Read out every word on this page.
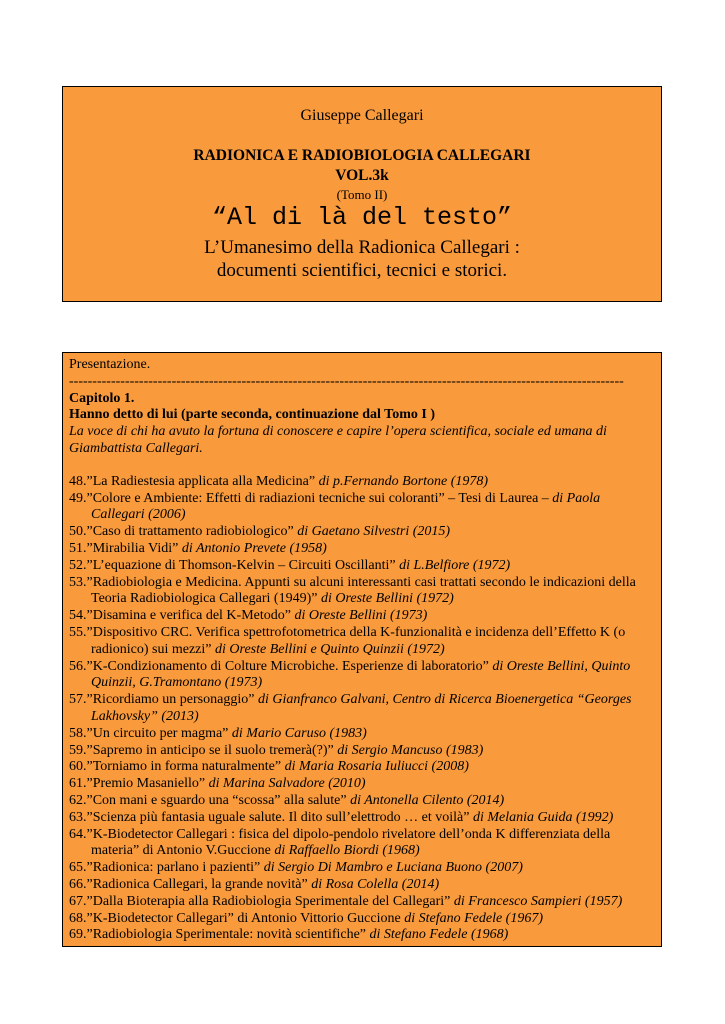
Giuseppe Callegari
RADIONICA E RADIOBIOLOGIA CALLEGARI
VOL.3k
(Tomo II)
“Al di là del testo”
L’Umanesimo della Radionica Callegari :
documenti scientifici, tecnici e storici.
Presentazione.
-----------------------------------------------------------------------------------------------------------------------
Capitolo 1.
Hanno detto di lui (parte seconda, continuazione dal Tomo I )
La voce di chi ha avuto la fortuna di conoscere e capire l’opera scientifica, sociale ed umana di Giambattista Callegari.
48.”La Radiestesia applicata alla Medicina” di p.Fernando Bortone (1978)
49.”Colore e Ambiente: Effetti di radiazioni tecniche sui coloranti” – Tesi di Laurea – di Paola Callegari (2006)
50.”Caso di trattamento radiobiologico” di Gaetano Silvestri (2015)
51.”Mirabilia Vidi” di Antonio Prevete (1958)
52.”L’equazione di Thomson-Kelvin – Circuiti Oscillanti” di L.Belfiore (1972)
53.”Radiobiologia e Medicina. Appunti su alcuni interessanti casi trattati secondo le indicazioni della Teoria Radiobiologica Callegari (1949)” di Oreste Bellini (1972)
54.”Disamina e verifica del K-Metodo” di Oreste Bellini (1973)
55.”Dispositivo CRC. Verifica spettrofotometrica della K-funzionalità e incidenza dell’Effetto K (o radionico) sui mezzi” di Oreste Bellini e Quinto Quinzii (1972)
56.”K-Condizionamento di Colture Microbiche. Esperienze di laboratorio” di Oreste Bellini, Quinto Quinzii, G.Tramontano (1973)
57.”Ricordiamo un personaggio” di Gianfranco Galvani, Centro di Ricerca Bioenergetica “Georges Lakhovsky” (2013)
58.”Un circuito per magma” di Mario Caruso (1983)
59.”Sapremo in anticipo se il suolo tremerà(?)” di Sergio Mancuso (1983)
60.”Torniamo in forma naturalmente” di Maria Rosaria Iuliucci (2008)
61.”Premio Masaniello” di Marina Salvadore (2010)
62.”Con mani e sguardo una “scossa” alla salute” di Antonella Cilento (2014)
63.”Scienza più fantasia uguale salute. Il dito sull’elettrodo … et voilà” di Melania Guida (1992)
64.”K-Biodetector Callegari : fisica del dipolo-pendolo rivelatore dell’onda K differenziata della materia” di Antonio V.Guccione di Raffaello Biordi (1968)
65.”Radionica: parlano i pazienti” di Sergio Di Mambro e Luciana Buono (2007)
66.”Radionica Callegari, la grande novità” di Rosa Colella (2014)
67.”Dalla Bioterapia alla Radiobiologia Sperimentale del Callegari” di Francesco Sampieri (1957)
68.”K-Biodetector Callegari” di Antonio Vittorio Guccione di Stefano Fedele (1967)
69.”Radiobiologia Sperimentale: novità scientifiche” di Stefano Fedele (1968)
